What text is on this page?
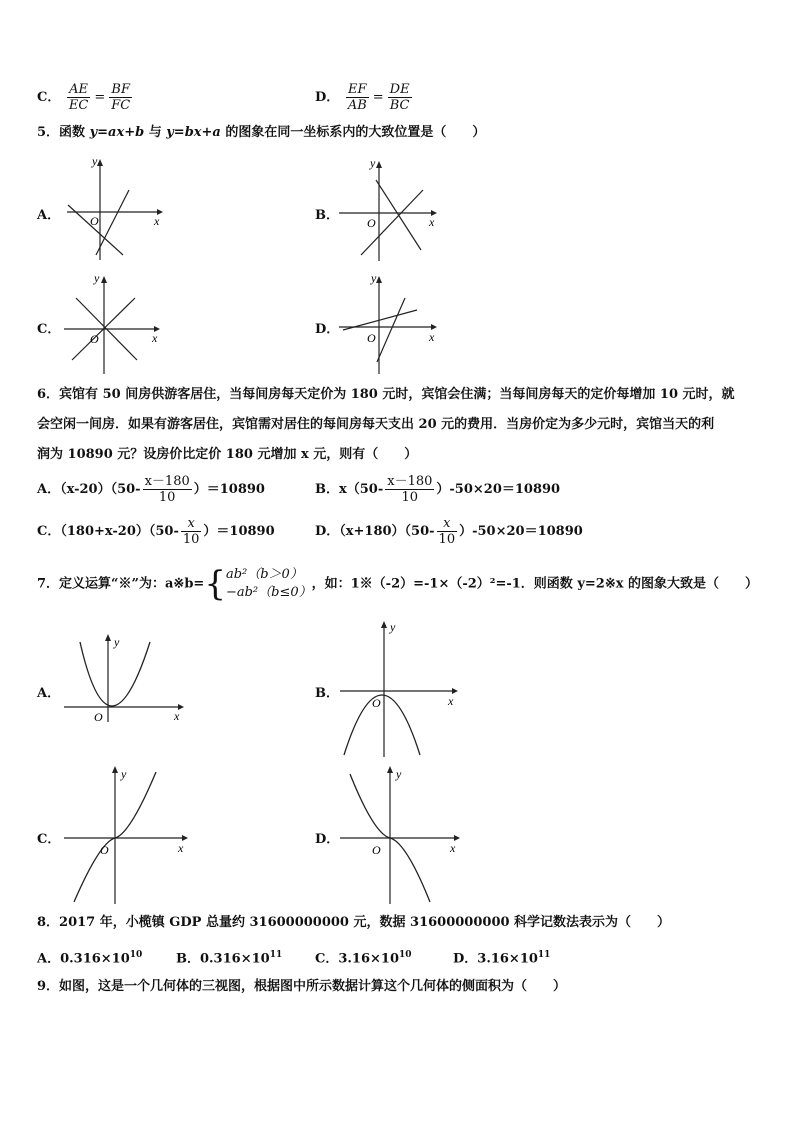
C． $\frac{AE}{EC} = \frac{BF}{FC}$	D． $\frac{EF}{AB} = \frac{DE}{BC}$
5．函数 y=ax+b 与 y=bx+a 的图象在同一坐标系内的大致位置是（　　）
A． O
y
x	B． O
y
x
C．
O
y
x
D．
O
y
x
6．宾馆有 50 间房供游客居住，当每间房每天定价为 180 元时，宾馆会住满；当每间房每天的定价每增加 10 元时，就
会空闲一间房．如果有游客居住，宾馆需对居住的每间房每天支出 20 元的费用．当房价定为多少元时，宾馆当天的利
润为 10890 元？设房价比定价 180 元增加 x 元，则有（　　）
A．$(x-20)(50- \frac{x-180}{10} )=10890$	B．$x(50- \frac{x-180}{10} )-50\times 20=10890$
C．$(180+x-20)(50- \frac{x}{10} )=10890$	D．$(x+180)(50- \frac{x}{10} )-50\times 20=10890$
7．定义运算“※”为：a※b={ ab²（b＞0）
−ab²（b≤0）
，如：1※（-2）=-1×（-2）²=-1．则函数 y=2※x 的图象大致是（　　）
A．
O
y
x
B．
O
y
x
C．
O
y
x
D．
O
y
x
8．2017 年，小榄镇 GDP 总量约 31600000000 元，数据 31600000000 科学记数法表示为（　　）
A．$0.316\times 10^{10}$	B．$0.316\times 10^{11}$	C．$3.16\times 10^{10}$	D．$3.16\times 10^{11}$
9．如图，这是一个几何体的三视图，根据图中所示数据计算这个几何体的侧面积为（　　）
